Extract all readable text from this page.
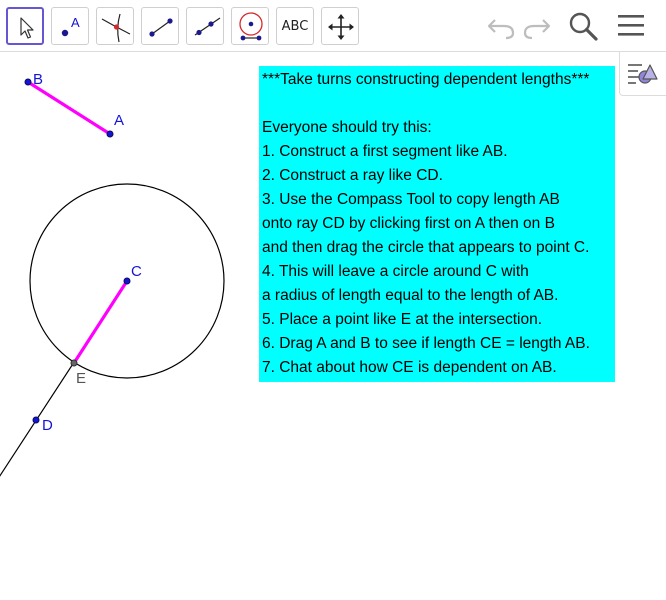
A	ABC
B
A
C
D
E
***Take turns constructing dependent lengths***
Everyone should try this:
1. Construct a first segment like AB.
2. Construct a ray like CD.
3. Use the Compass Tool to copy length AB
onto ray CD by clicking first on A then on B
and then drag the circle that appears to point C.
4. This will leave a circle around C with
a radius of length equal to the length of AB.
5. Place a point like E at the intersection.
6. Drag A and B to see if length CE = length AB.
7. Chat about how CE is dependent on AB.
